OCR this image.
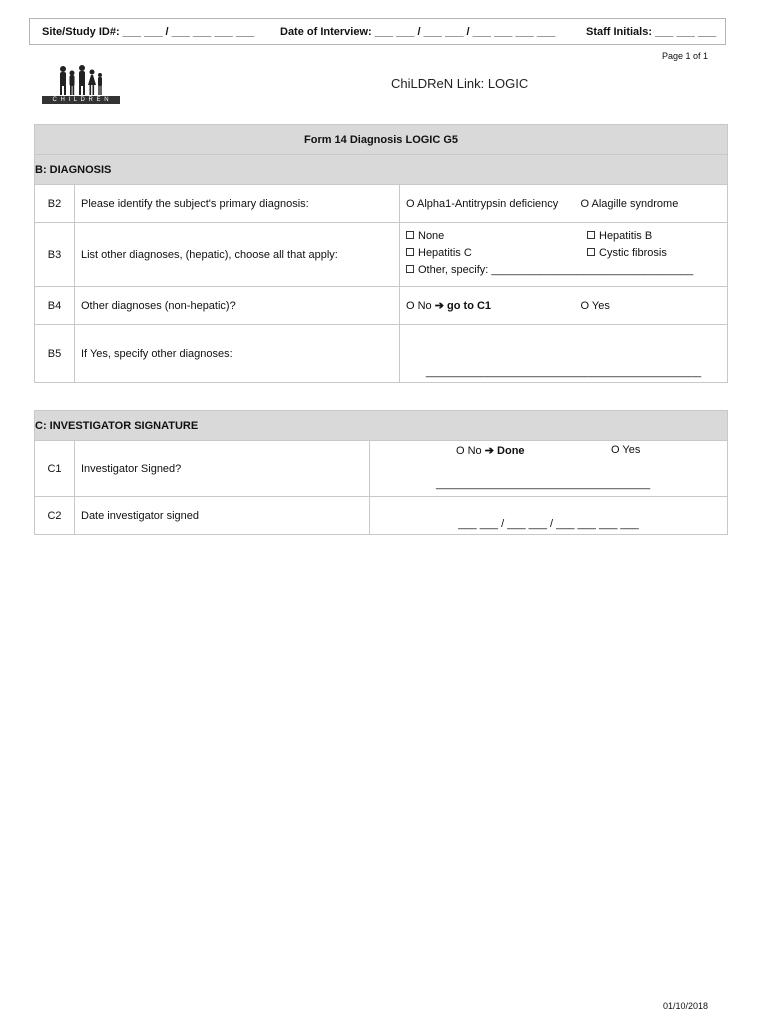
Site/Study ID#: ___ ___ / ___ ___ ___ ___ Date of Interview: ___ ___ / ___ ___ / ___ ___ ___ ___	Staff Initials: ___ ___ ___
Page 1 of 1
C H I L D R E N
ChiLDReN Link: LOGIC
Form 14 Diagnosis LOGIC G5			
B: DIAGNOSIS			
B2	Please identify the subject's primary diagnosis:	O Alpha1-Antitrypsin deficiency	O Alagille syndrome
B3	List other diagnoses, (hepatic), choose all that apply:	None
Hepatitis C
Other, specify: _________________________________
Hepatitis B
Cystic fibrosis	

B4	Other diagnoses (non-hepatic)?	O No ➔ go to C1	O Yes
B5	If Yes, specify other diagnoses:	_____________________________________________	
C: INVESTIGATOR SIGNATURE		
C1	Investigator Signed?	O No ➔ Done O Yes
___________________________________

C2	Date investigator signed	___ ___ / ___ ___ / ___ ___ ___ ___
01/10/2018
